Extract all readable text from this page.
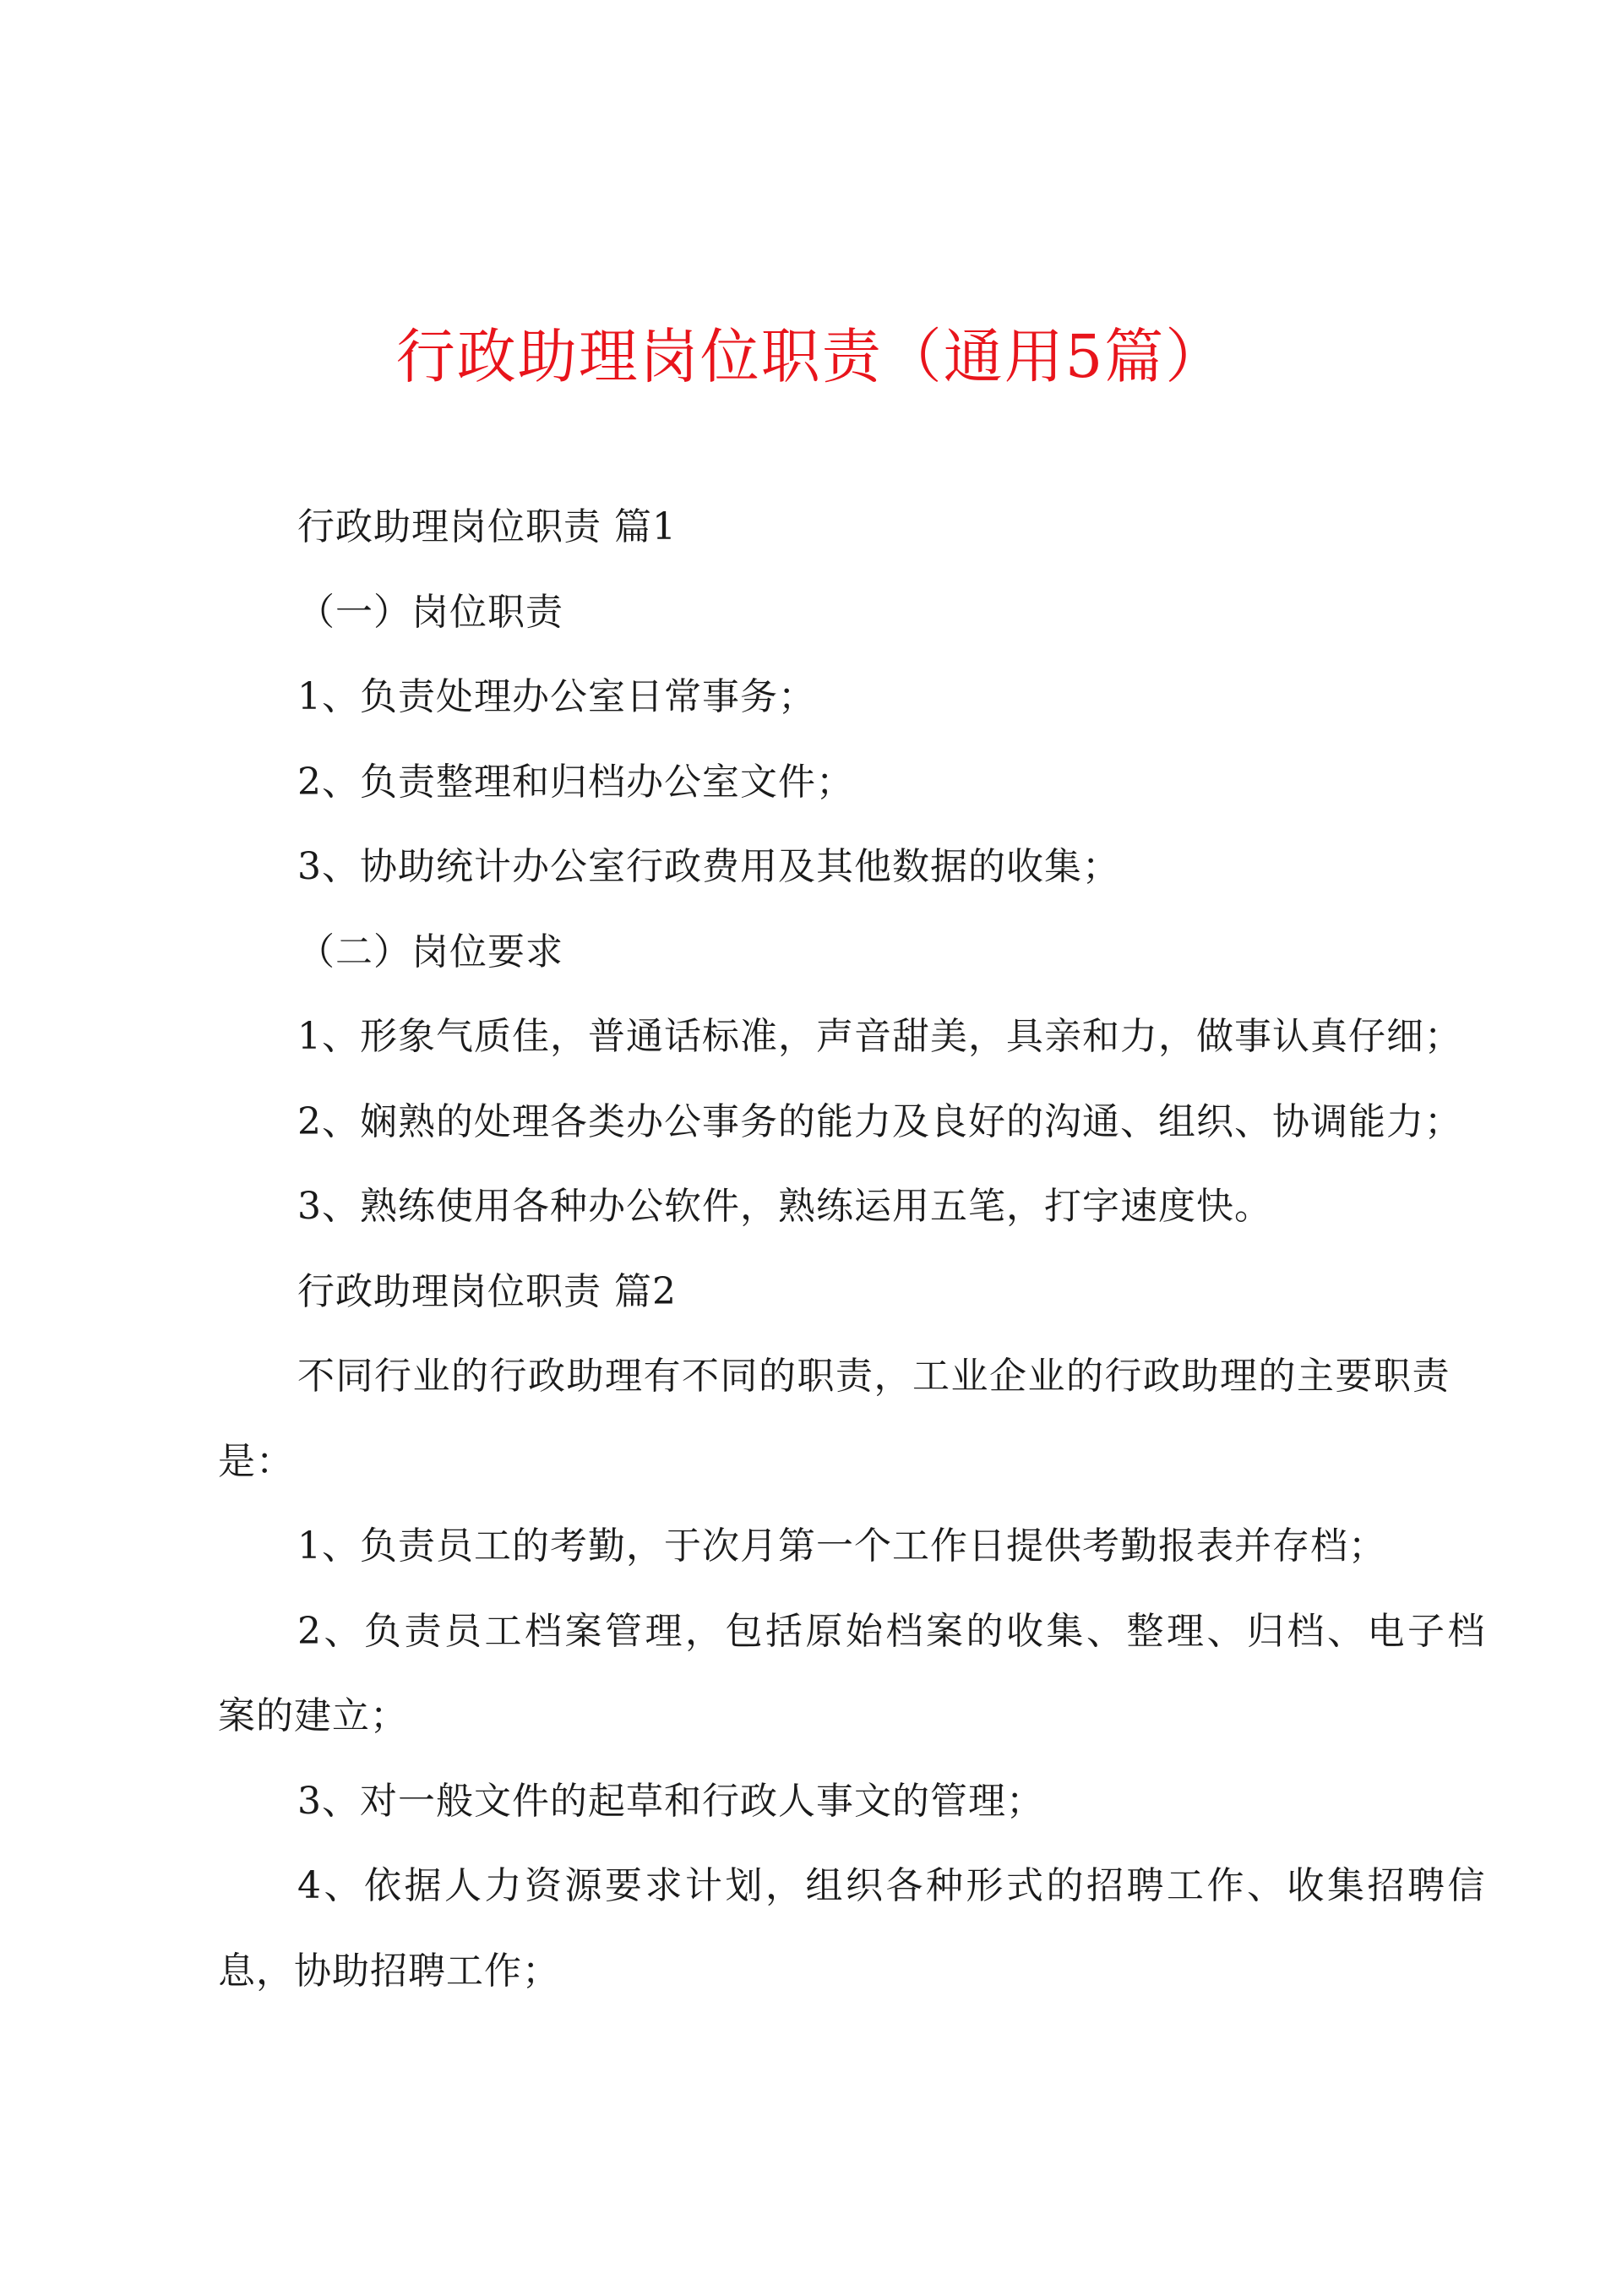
行政助理岗位职责（通用5篇）

行政助理岗位职责 篇1

（一）岗位职责

1、负责处理办公室日常事务；

2、负责整理和归档办公室文件；

3、协助统计办公室行政费用及其他数据的收集；

（二）岗位要求

1、形象气质佳，普通话标准，声音甜美，具亲和力，做事认真仔细；

2、娴熟的处理各类办公事务的能力及良好的沟通、组织、协调能力；

3、熟练使用各种办公软件，熟练运用五笔，打字速度快。

行政助理岗位职责 篇2

不同行业的行政助理有不同的职责，工业企业的行政助理的主要职责

是：

1、负责员工的考勤，于次月第一个工作日提供考勤报表并存档；

2、负责员工档案管理，包括原始档案的收集、整理、归档、电子档

案的建立；

3、对一般文件的起草和行政人事文的管理；

4、依据人力资源要求计划，组织各种形式的招聘工作、收集招聘信

息，协助招聘工作；
